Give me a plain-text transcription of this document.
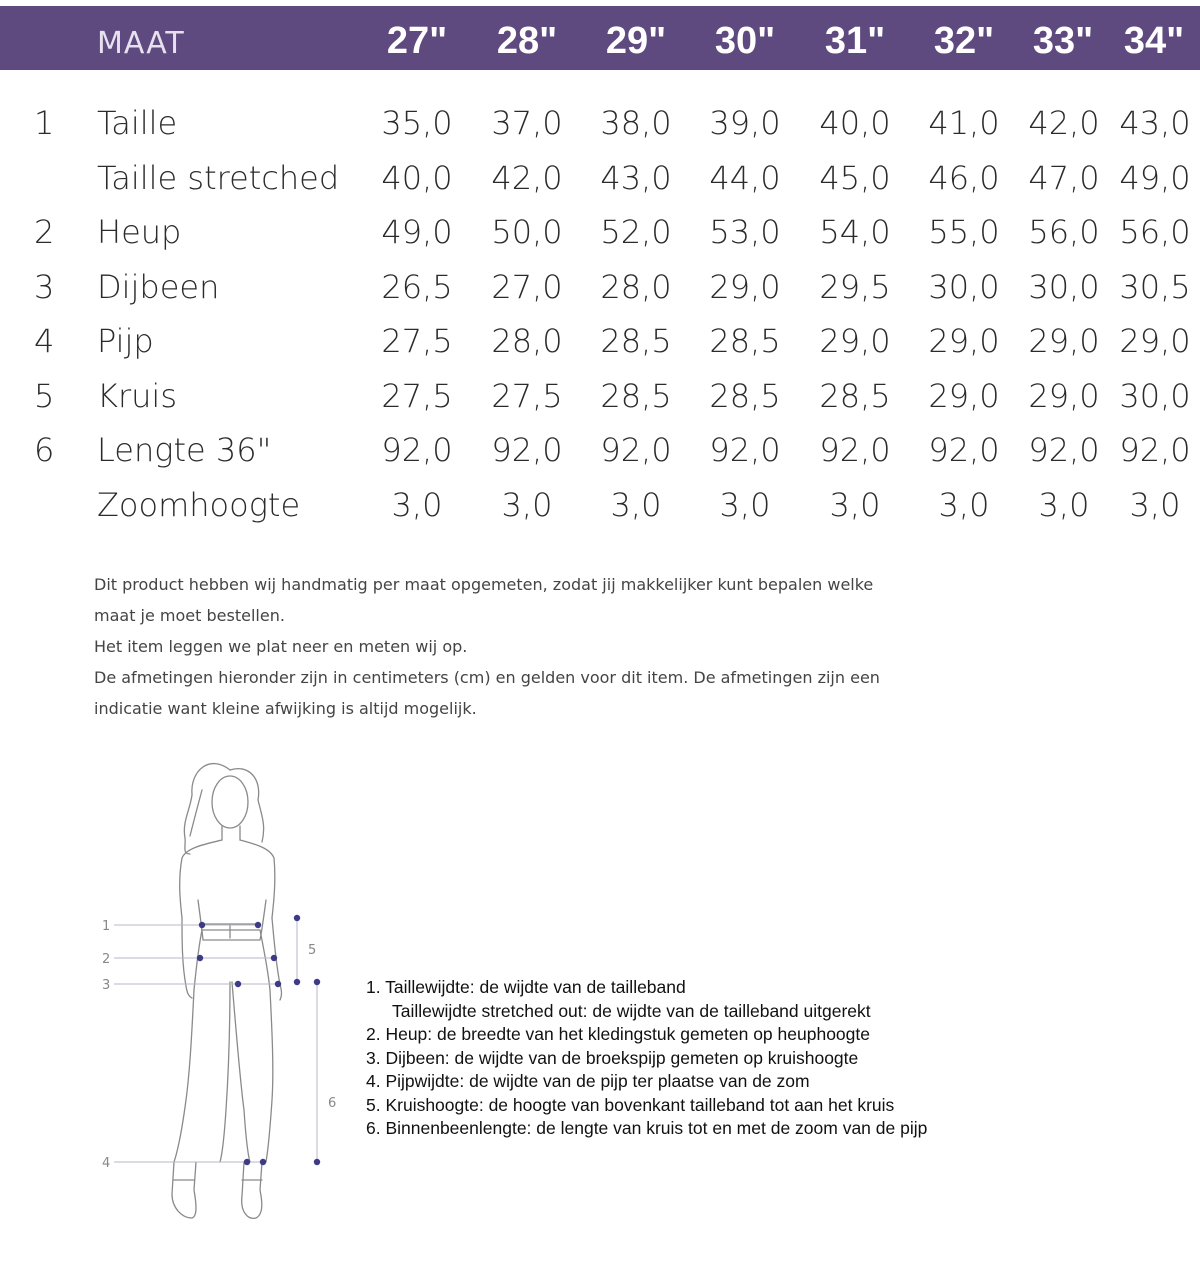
MAAT	27"	28"	29"	30"	31"	32"	33" 34"
1 Taille	35,0	37,0	38,0	39,0	40,0	41,0 42,0 43,0
Taille stretched	40,0	42,0	43,0	44,0	45,0	46,0 47,0 49,0
2 Heup	49,0	50,0	52,0	53,0	54,0	55,0 56,0 56,0
3 Dijbeen	26,5	27,0	28,0	29,0	29,5	30,0 30,0 30,5
4 Pijp	27,5	28,0	28,5	28,5	29,0	29,0 29,0 29,0
5 Kruis	27,5	27,5	28,5	28,5	28,5	29,0 29,0 30,0
6 Lengte 36"	92,0	92,0	92,0	92,0	92,0	92,0 92,0 92,0
Zoomhoogte	3,0	3,0	3,0	3,0	3,0	3,0	3,0	3,0
Dit product hebben wij handmatig per maat opgemeten, zodat jij makkelijker kunt bepalen welke
maat je moet bestellen.
Het item leggen we plat neer en meten wij op.
De afmetingen hieronder zijn in centimeters (cm) en gelden voor dit item. De afmetingen zijn een
indicatie want kleine afwijking is altijd mogelijk.
1
2
3
4
5
6
1. Taillewijdte: de wijdte van de tailleband
Taillewijdte stretched out: de wijdte van de tailleband uitgerekt
2. Heup: de breedte van het kledingstuk gemeten op heuphoogte
3. Dijbeen: de wijdte van de broekspijp gemeten op kruishoogte
4. Pijpwijdte: de wijdte van de pijp ter plaatse van de zom
5. Kruishoogte: de hoogte van bovenkant tailleband tot aan het kruis
6. Binnenbeenlengte: de lengte van kruis tot en met de zoom van de pijp
